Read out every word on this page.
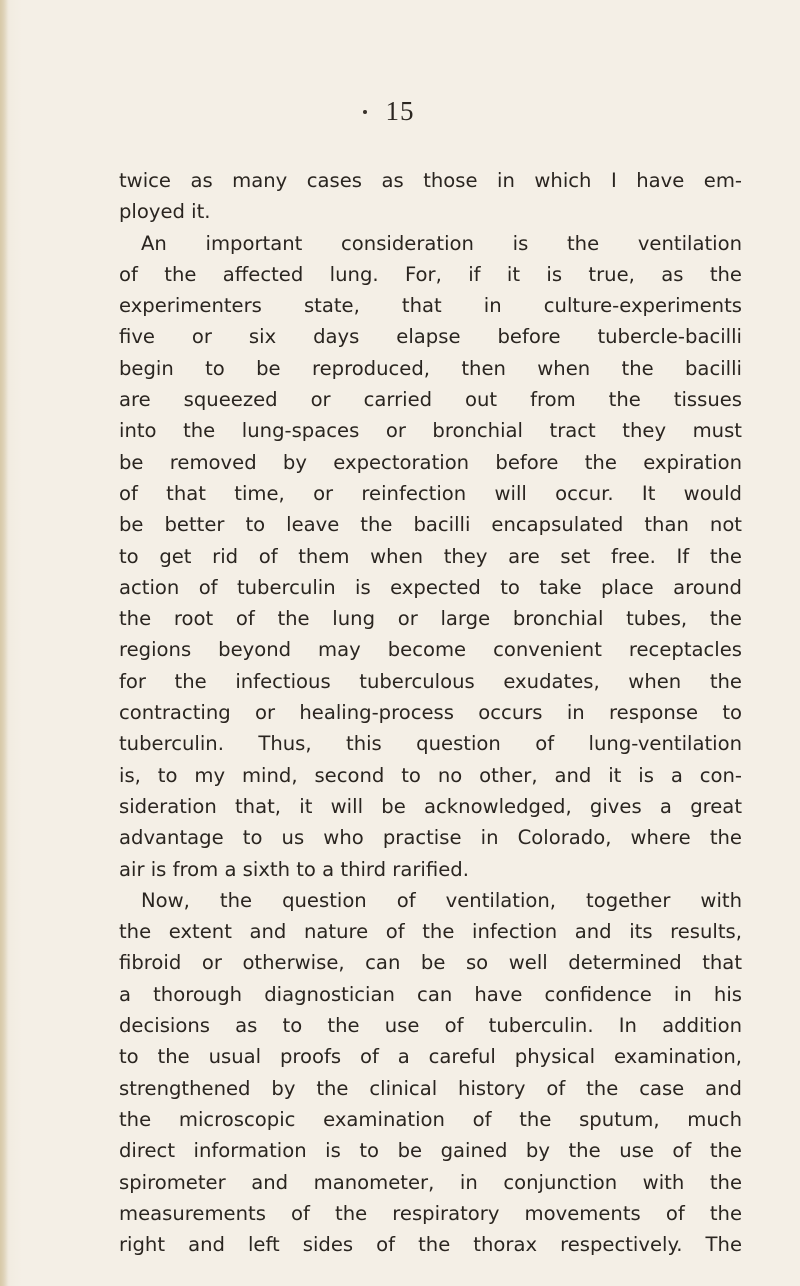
15
twice as many cases as those in which I have em-
ployed it.
An important consideration is the ventilation
of the affected lung. For, if it is true, as the
experimenters state, that in culture-experiments
five or six days elapse before tubercle-bacilli
begin to be reproduced, then when the bacilli
are squeezed or carried out from the tissues
into the lung-spaces or bronchial tract they must
be removed by expectoration before the expiration
of that time, or reinfection will occur. It would
be better to leave the bacilli encapsulated than not
to get rid of them when they are set free. If the
action of tuberculin is expected to take place around
the root of the lung or large bronchial tubes, the
regions beyond may become convenient receptacles
for the infectious tuberculous exudates, when the
contracting or healing-process occurs in response to
tuberculin. Thus, this question of lung-ventilation
is, to my mind, second to no other, and it is a con-
sideration that, it will be acknowledged, gives a great
advantage to us who practise in Colorado, where the
air is from a sixth to a third rarified.
Now, the question of ventilation, together with
the extent and nature of the infection and its results,
fibroid or otherwise, can be so well determined that
a thorough diagnostician can have confidence in his
decisions as to the use of tuberculin. In addition
to the usual proofs of a careful physical examination,
strengthened by the clinical history of the case and
the microscopic examination of the sputum, much
direct information is to be gained by the use of the
spirometer and manometer, in conjunction with the
measurements of the respiratory movements of the
right and left sides of the thorax respectively. The
